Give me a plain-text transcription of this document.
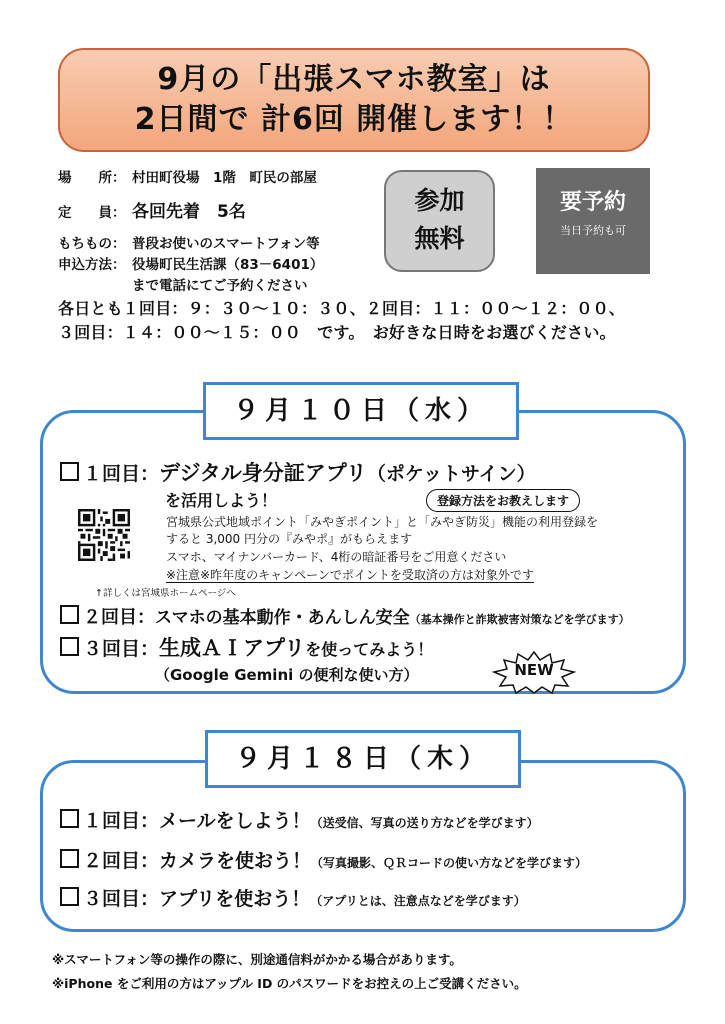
9月の「出張スマホ教室」は
2日間で 計6回 開催します！！
場　　所： 村田町役場　1階　町民の部屋
定　　員： 各回先着　5名
もちもの： 普段お使いのスマートフォン等
申込方法： 役場町民生活課（83－6401）
まで電話にてご予約ください
参加
無料
要予約
当日予約も可
各日とも１回目：９：３０～１０：３０、２回目：１１：００～１２：００、
３回目：１４：００～１５：００　です。　お好きな日時をお選びください。
９月１０日（水）
１回目：デジタル身分証アプリ（ポケットサイン）
を活用しよう！	登録方法をお教えします
宮城県公式地域ポイント「みやぎポイント」と「みやぎ防災」機能の利用登録を
すると 3,000 円分の『みやポ』がもらえます
スマホ、マイナンバーカード、4桁の暗証番号をご用意ください
※注意※昨年度のキャンペーンでポイントを受取済の方は対象外です
↑詳しくは宮城県ホームページへ
２回目：スマホの基本動作・あんしん安全（基本操作と詐欺被害対策などを学びます）
３回目：生成ＡＩアプリを使ってみよう！
（Google Gemini の便利な使い方）	NEW
９月１８日（木）
１回目：メールをしよう！（送受信、写真の送り方などを学びます）
２回目：カメラを使おう！（写真撮影、ＱＲコードの使い方などを学びます）
３回目：アプリを使おう！（アプリとは、注意点などを学びます）
※スマートフォン等の操作の際に、別途通信料がかかる場合があります。
※iPhone をご利用の方はアップル ID のパスワードをお控えの上ご受講ください。
